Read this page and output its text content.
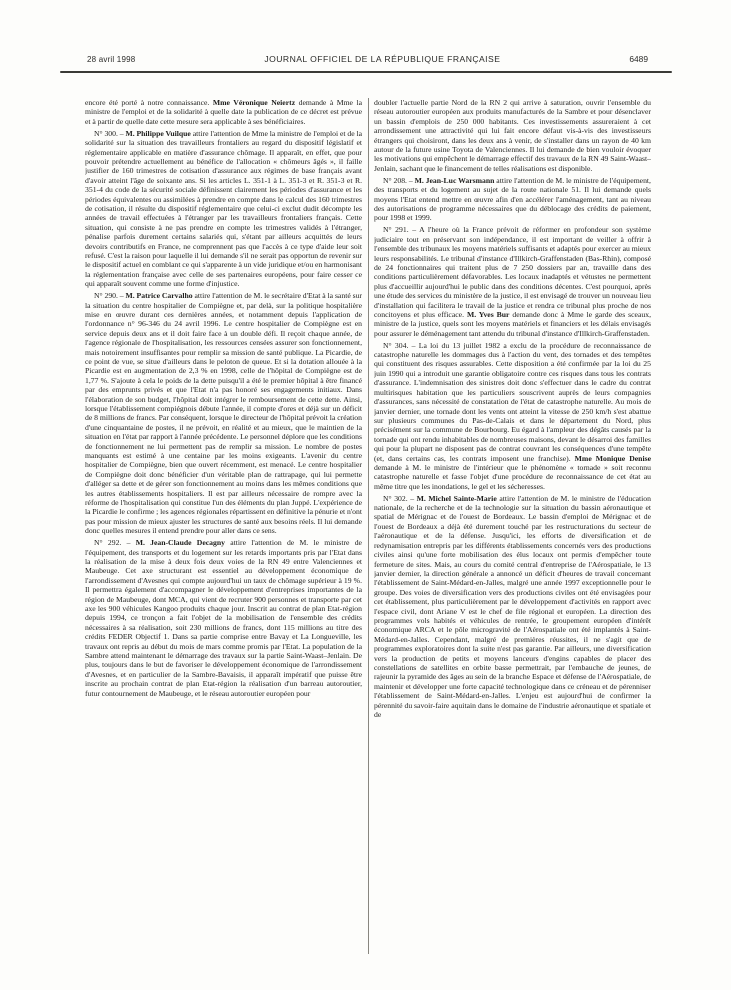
28 avril 1998	JOURNAL OFFICIEL DE LA RÉPUBLIQUE FRANÇAISE	6489

encore été porté à notre connaissance. Mme Véronique Neiertz demande à Mme la ministre de l'emploi et de la solidarité à quelle date la publication de ce décret est prévue et à partir de quelle date cette mesure sera applicable à ses bénéficiaires.

N° 300. – M. Philippe Vuilque attire l'attention de Mme la ministre de l'emploi et de la solidarité sur la situation des travailleurs frontaliers au regard du dispositif législatif et réglementaire applicable en matière d'assurance chômage. Il apparaît, en effet, que pour pouvoir prétendre actuellement au bénéfice de l'allocation « chômeurs âgés », il faille justifier de 160 trimestres de cotisation d'assurance aux régimes de base français avant d'avoir atteint l'âge de soixante ans. Si les articles L. 351-1 à L. 351-3 et R. 351-3 et R. 351-4 du code de la sécurité sociale définissent clairement les périodes d'assurance et les périodes équivalentes ou assimilées à prendre en compte dans le calcul des 160 trimestres de cotisation, il résulte du dispositif réglementaire que celui-ci exclut dudit décompte les années de travail effectuées à l'étranger par les travailleurs frontaliers français. Cette situation, qui consiste à ne pas prendre en compte les trimestres validés à l'étranger, pénalise parfois durement certains salariés qui, s'étant par ailleurs acquittés de leurs devoirs contributifs en France, ne comprennent pas que l'accès à ce type d'aide leur soit refusé. C'est la raison pour laquelle il lui demande s'il ne serait pas opportun de revenir sur le dispositif actuel en comblant ce qui s'apparente à un vide juridique et/ou en harmonisant la réglementation française avec celle de ses partenaires européens, pour faire cesser ce qui apparaît souvent comme une forme d'injustice.

N° 290. – M. Patrice Carvalho attire l'attention de M. le secrétaire d'Etat à la santé sur la situation du centre hospitalier de Compiègne et, par delà, sur la politique hospitalière mise en œuvre durant ces dernières années, et notamment depuis l'application de l'ordonnance n° 96-346 du 24 avril 1996. Le centre hospitalier de Compiègne est en service depuis deux ans et il doit faire face à un double défi. Il reçoit chaque année, de l'agence régionale de l'hospitalisation, les ressources censées assurer son fonctionnement, mais notoirement insuffisantes pour remplir sa mission de santé publique. La Picardie, de ce point de vue, se situe d'ailleurs dans le peloton de queue. Et si la dotation allouée à la Picardie est en augmentation de 2,3 % en 1998, celle de l'hôpital de Compiègne est de 1,77 %. S'ajoute à cela le poids de la dette puisqu'il a été le premier hôpital à être financé par des emprunts privés et que l'Etat n'a pas honoré ses engagements initiaux. Dans l'élaboration de son budget, l'hôpital doit intégrer le remboursement de cette dette. Ainsi, lorsque l'établissement compiégnois débute l'année, il compte d'ores et déjà sur un déficit de 8 millions de francs. Par conséquent, lorsque le directeur de l'hôpital prévoit la création d'une cinquantaine de postes, il ne prévoit, en réalité et au mieux, que le maintien de la situation en l'état par rapport à l'année précédente. Le personnel déplore que les conditions de fonctionnement ne lui permettent pas de remplir sa mission. Le nombre de postes manquants est estimé à une centaine par les moins exigeants. L'avenir du centre hospitalier de Compiègne, bien que ouvert récemment, est menacé. Le centre hospitalier de Compiègne doit donc bénéficier d'un véritable plan de rattrapage, qui lui permette d'alléger sa dette et de gérer son fonctionnement au moins dans les mêmes conditions que les autres établissements hospitaliers. Il est par ailleurs nécessaire de rompre avec la réforme de l'hospitalisation qui constitue l'un des éléments du plan Juppé. L'expérience de la Picardie le confirme ; les agences régionales répartissent en définitive la pénurie et n'ont pas pour mission de mieux ajuster les structures de santé aux besoins réels. Il lui demande donc quelles mesures il entend prendre pour aller dans ce sens.

N° 292. – M. Jean-Claude Decagny attire l'attention de M. le ministre de l'équipement, des transports et du logement sur les retards importants pris par l'Etat dans la réalisation de la mise à deux fois deux voies de la RN 49 entre Valenciennes et Maubeuge. Cet axe structurant est essentiel au développement économique de l'arrondissement d'Avesnes qui compte aujourd'hui un taux de chômage supérieur à 19 %. Il permettra également d'accompagner le développement d'entreprises importantes de la région de Maubeuge, dont MCA, qui vient de recruter 900 personnes et transporte par cet axe les 900 véhicules Kangoo produits chaque jour. Inscrit au contrat de plan Etat-région depuis 1994, ce tronçon a fait l'objet de la mobilisation de l'ensemble des crédits nécessaires à sa réalisation, soit 230 millions de francs, dont 115 millions au titre des crédits FEDER Objectif 1. Dans sa partie comprise entre Bavay et La Longueville, les travaux ont repris au début du mois de mars comme promis par l'Etat. La population de la Sambre attend maintenant le démarrage des travaux sur la partie Saint-Waast–Jenlain. De plus, toujours dans le but de favoriser le développement économique de l'arrondissement d'Avesnes, et en particulier de la Sambre-Bavaisis, il apparaît impératif que puisse être inscrite au prochain contrat de plan Etat-région la réalisation d'un barreau autoroutier, futur contournement de Maubeuge, et le réseau autoroutier européen pour

doubler l'actuelle partie Nord de la RN 2 qui arrive à saturation, ouvrir l'ensemble du réseau autoroutier européen aux produits manufacturés de la Sambre et pour désenclaver un bassin d'emplois de 250 000 habitants. Ces investissements assureraient à cet arrondissement une attractivité qui lui fait encore défaut vis-à-vis des investisseurs étrangers qui choisiront, dans les deux ans à venir, de s'installer dans un rayon de 40 km autour de la future usine Toyota de Valenciennes. Il lui demande de bien vouloir évoquer les motivations qui empêchent le démarrage effectif des travaux de la RN 49 Saint-Waast–Jenlain, sachant que le financement de telles réalisations est disponible.

N° 208. – M. Jean-Luc Warsmann attire l'attention de M. le ministre de l'équipement, des transports et du logement au sujet de la route nationale 51. Il lui demande quels moyens l'Etat entend mettre en œuvre afin d'en accélérer l'aménagement, tant au niveau des autorisations de programme nécessaires que du déblocage des crédits de paiement, pour 1998 et 1999.

N° 291. – A l'heure où la France prévoit de réformer en profondeur son système judiciaire tout en préservant son indépendance, il est important de veiller à offrir à l'ensemble des tribunaux les moyens matériels suffisants et adaptés pour exercer au mieux leurs responsabilités. Le tribunal d'instance d'Illkirch-Graffenstaden (Bas-Rhin), composé de 24 fonctionnaires qui traitent plus de 7 250 dossiers par an, travaille dans des conditions particulièrement défavorables. Les locaux inadaptés et vétustes ne permettent plus d'accueillir aujourd'hui le public dans des conditions décentes. C'est pourquoi, après une étude des services du ministère de la justice, il est envisagé de trouver un nouveau lieu d'installation qui facilitera le travail de la justice et rendra ce tribunal plus proche de nos concitoyens et plus efficace. M. Yves Bur demande donc à Mme le garde des sceaux, ministre de la justice, quels sont les moyens matériels et financiers et les délais envisagés pour assurer le déménagement tant attendu du tribunal d'instance d'Illkirch-Graffenstaden.

N° 304. – La loi du 13 juillet 1982 a exclu de la procédure de reconnaissance de catastrophe naturelle les dommages dus à l'action du vent, des tornades et des tempêtes qui constituent des risques assurables. Cette disposition a été confirmée par la loi du 25 juin 1990 qui a introduit une garantie obligatoire contre ces risques dans tous les contrats d'assurance. L'indemnisation des sinistres doit donc s'effectuer dans le cadre du contrat multirisques habitation que les particuliers souscrivent auprès de leurs compagnies d'assurances, sans nécessité de constatation de l'état de catastrophe naturelle. Au mois de janvier dernier, une tornade dont les vents ont atteint la vitesse de 250 km/h s'est abattue sur plusieurs communes du Pas-de-Calais et dans le département du Nord, plus précisément sur la commune de Bourbourg. Eu égard à l'ampleur des dégâts causés par la tornade qui ont rendu inhabitables de nombreuses maisons, devant le désarroi des familles qui pour la plupart ne disposent pas de contrat couvrant les conséquences d'une tempête (et, dans certains cas, les contrats imposent une franchise). Mme Monique Denise demande à M. le ministre de l'intérieur que le phénomène « tornade » soit reconnu catastrophe naturelle et fasse l'objet d'une procédure de reconnaissance de cet état au même titre que les inondations, le gel et les sécheresses.

N° 302. – M. Michel Sainte-Marie attire l'attention de M. le ministre de l'éducation nationale, de la recherche et de la technologie sur la situation du bassin aéronautique et spatial de Mérignac et de l'ouest de Bordeaux. Le bassin d'emploi de Mérignac et de l'ouest de Bordeaux a déjà été durement touché par les restructurations du secteur de l'aéronautique et de la défense. Jusqu'ici, les efforts de diversification et de redynamisation entrepris par les différents établissements concernés vers des productions civiles ainsi qu'une forte mobilisation des élus locaux ont permis d'empêcher toute fermeture de sites. Mais, au cours du comité central d'entreprise de l'Aérospatiale, le 13 janvier dernier, la direction générale a annoncé un déficit d'heures de travail concernant l'établissement de Saint-Médard-en-Jalles, malgré une année 1997 exceptionnelle pour le groupe. Des voies de diversification vers des productions civiles ont été envisagées pour cet établissement, plus particulièrement par le développement d'activités en rapport avec l'espace civil, dont Ariane V est le chef de file régional et européen. La direction des programmes vols habités et véhicules de rentrée, le groupement européen d'intérêt économique ARCA et le pôle microgravité de l'Aérospatiale ont été implantés à Saint-Médard-en-Jalles. Cependant, malgré de premières réussites, il ne s'agit que de programmes exploratoires dont la suite n'est pas garantie. Par ailleurs, une diversification vers la production de petits et moyens lanceurs d'engins capables de placer des constellations de satellites en orbite basse permettrait, par l'embauche de jeunes, de rajeunir la pyramide des âges au sein de la branche Espace et défense de l'Aérospatiale, de maintenir et développer une forte capacité technologique dans ce créneau et de pérenniser l'établissement de Saint-Médard-en-Jalles. L'enjeu est aujourd'hui de confirmer la pérennité du savoir-faire aquitain dans le domaine de l'industrie aéronautique et spatiale et de
